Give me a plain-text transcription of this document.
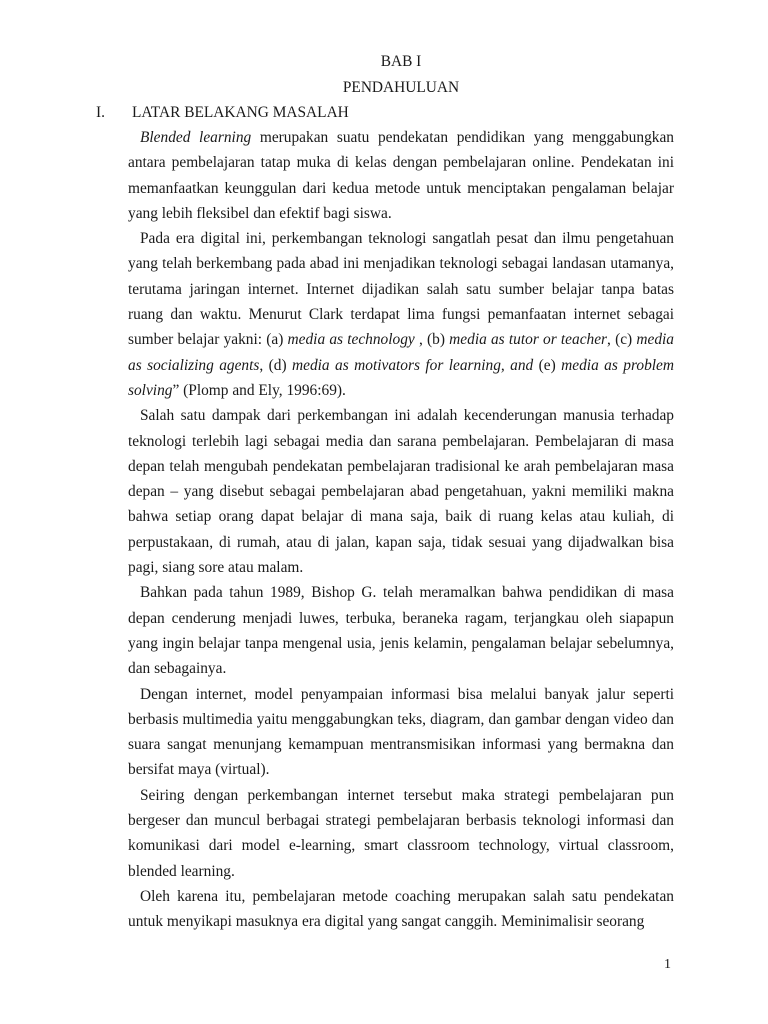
BAB I
PENDAHULUAN
I. LATAR BELAKANG MASALAH

Blended learning merupakan suatu pendekatan pendidikan yang menggabungkan antara pembelajaran tatap muka di kelas dengan pembelajaran online. Pendekatan ini memanfaatkan keunggulan dari kedua metode untuk menciptakan pengalaman belajar yang lebih fleksibel dan efektif bagi siswa.

Pada era digital ini, perkembangan teknologi sangatlah pesat dan ilmu pengetahuan yang telah berkembang pada abad ini menjadikan teknologi sebagai landasan utamanya, terutama jaringan internet. Internet dijadikan salah satu sumber belajar tanpa batas ruang dan waktu. Menurut Clark terdapat lima fungsi pemanfaatan internet sebagai sumber belajar yakni: (a) media as technology , (b) media as tutor or teacher, (c) media as socializing agents, (d) media as motivators for learning, and (e) media as problem solving” (Plomp and Ely, 1996:69).

Salah satu dampak dari perkembangan ini adalah kecenderungan manusia terhadap teknologi terlebih lagi sebagai media dan sarana pembelajaran. Pembelajaran di masa depan telah mengubah pendekatan pembelajaran tradisional ke arah pembelajaran masa depan – yang disebut sebagai pembelajaran abad pengetahuan, yakni memiliki makna bahwa setiap orang dapat belajar di mana saja, baik di ruang kelas atau kuliah, di perpustakaan, di rumah, atau di jalan, kapan saja, tidak sesuai yang dijadwalkan bisa pagi, siang sore atau malam.

Bahkan pada tahun 1989, Bishop G. telah meramalkan bahwa pendidikan di masa depan cenderung menjadi luwes, terbuka, beraneka ragam, terjangkau oleh siapapun yang ingin belajar tanpa mengenal usia, jenis kelamin, pengalaman belajar sebelumnya, dan sebagainya.

Dengan internet, model penyampaian informasi bisa melalui banyak jalur seperti berbasis multimedia yaitu menggabungkan teks, diagram, dan gambar dengan video dan suara sangat menunjang kemampuan mentransmisikan informasi yang bermakna dan bersifat maya (virtual).

Seiring dengan perkembangan internet tersebut maka strategi pembelajaran pun bergeser dan muncul berbagai strategi pembelajaran berbasis teknologi informasi dan komunikasi dari model e-learning, smart classroom technology, virtual classroom, blended learning.

Oleh karena itu, pembelajaran metode coaching merupakan salah satu pendekatan untuk menyikapi masuknya era digital yang sangat canggih. Meminimalisir seorang

1
